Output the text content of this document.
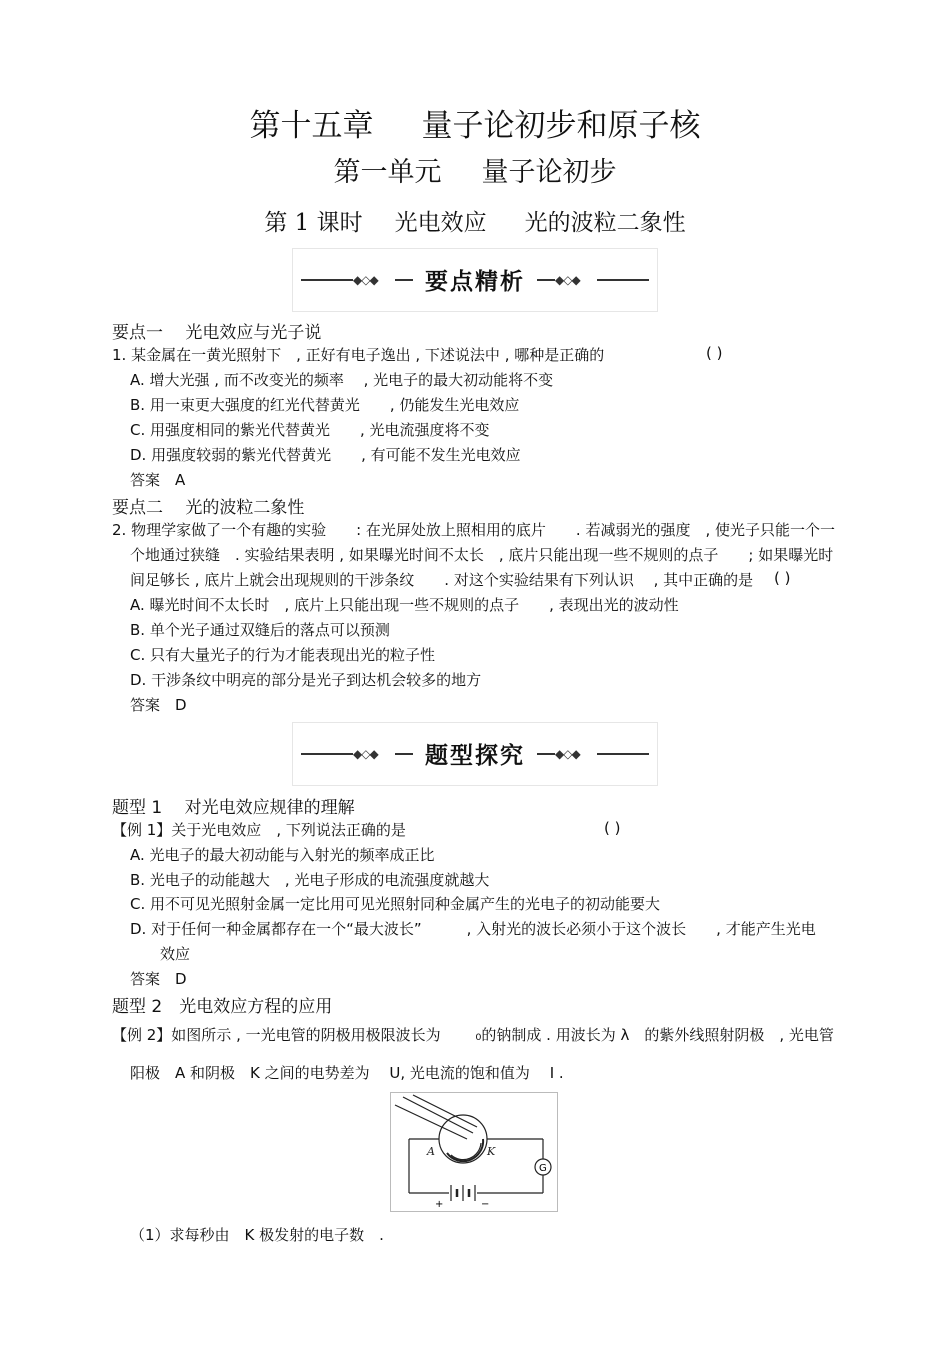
第十五章 量子论初步和原子核
第一单元 量子论初步
第 1 课时 光电效应 光的波粒二象性
◆◇◆	◆◇◆
要点精析
要点一　 光电效应与光子说
1. 某金属在一黄光照射下　, 正好有电子逸出 , 下述说法中 , 哪种是正确的	( )
A. 增大光强 , 而不改变光的频率　 , 光电子的最大初动能将不变
B. 用一束更大强度的红光代替黄光　　, 仍能发生光电效应
C. 用强度相同的紫光代替黄光　　, 光电流强度将不变
D. 用强度较弱的紫光代替黄光　　, 有可能不发生光电效应
答案　A
要点二　 光的波粒二象性
2. 物理学家做了一个有趣的实验　　: 在光屏处放上照相用的底片　　. 若减弱光的强度　, 使光子只能一个一
个地通过狭缝　. 实验结果表明 , 如果曝光时间不太长　, 底片只能出现一些不规则的点子　　; 如果曝光时
间足够长 , 底片上就会出现规则的干涉条纹　　. 对这个实验结果有下列认识　 , 其中正确的是 ( )
A. 曝光时间不太长时　, 底片上只能出现一些不规则的点子　　, 表现出光的波动性
B. 单个光子通过双缝后的落点可以预测
C. 只有大量光子的行为才能表现出光的粒子性
D. 干涉条纹中明亮的部分是光子到达机会较多的地方
答案　D
◆◇◆	◆◇◆
题型探究
题型 1　 对光电效应规律的理解
【例 1】关于光电效应　, 下列说法正确的是	( )
A. 光电子的最大初动能与入射光的频率成正比
B. 光电子的动能越大　, 光电子形成的电流强度就越大
C. 用不可见光照射金属一定比用可见光照射同种金属产生的光电子的初动能要大
D. 对于任何一种金属都存在一个“最大波长”　　　, 入射光的波长必须小于这个波长　　, 才能产生光电
效应
答案　D
题型 2　光电效应方程的应用
【例 2】如图所示 , 一光电管的阴极用极限波长为　　 ₀的钠制成 . 用波长为 λ　的紫外线照射阴极　, 光电管
阳极　A 和阴极　K 之间的电势差为　 U, 光电流的饱和值为　 I .
A	K
G
+	−
（1）求每秒由　K 极发射的电子数　.
